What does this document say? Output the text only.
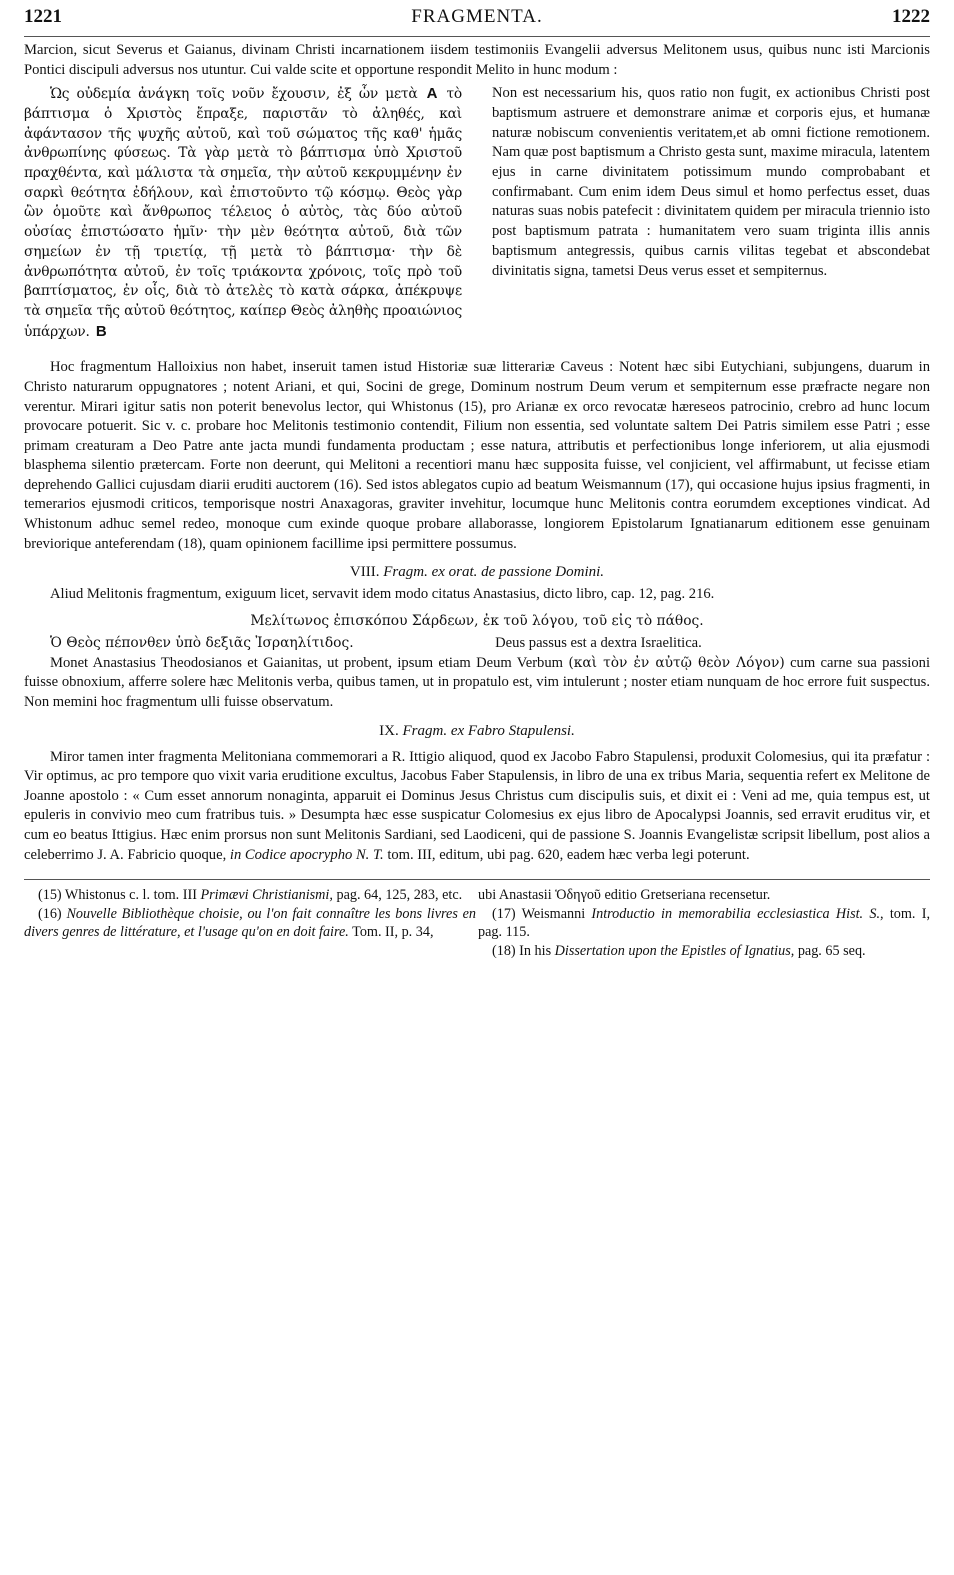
1221	FRAGMENTA.	1222

Marcion, sicut Severus et Gaianus, divinam Christi incarnationem iisdem testimoniis Evangelii adversus Melitonem usus, quibus nunc isti Marcionis Pontici discipuli adversus nos utuntur. Cui valde scite et opportune respondit Melito in hunc modum :

Ὡς οὐδεμία ἀνάγκη τοῖς νοῦν ἔχουσιν, ἐξ ὧν μετὰ A τὸ βάπτισμα ὁ Χριστὸς ἔπραξε, παριστᾶν τὸ ἀληθές, καὶ ἀφάντασον τῆς ψυχῆς αὐτοῦ, καὶ τοῦ σώματος τῆς καθ' ἡμᾶς ἀνθρωπίνης φύσεως. Τὰ γὰρ μετὰ τὸ βάπτισμα ὑπὸ Χριστοῦ πραχθέντα, καὶ μάλιστα τὰ σημεῖα, τὴν αὐτοῦ κεκρυμμένην ἐν σαρκὶ θεότητα ἐδήλουν, καὶ ἐπιστοῦντο τῷ κόσμῳ. Θεὸς γὰρ ὢν ὁμοῦτε καὶ ἄνθρωπος τέλειος ὁ αὐτὸς, τὰς δύο αὐτοῦ οὐσίας ἐπιστώσατο ἡμῖν· τὴν μὲν θεότητα αὐτοῦ, διὰ τῶν σημείων ἐν τῇ τριετίᾳ, τῇ μετὰ τὸ βάπτισμα· τὴν δὲ ἀνθρωπότητα αὐτοῦ, ἐν τοῖς τριάκοντα χρόνοις, τοῖς πρὸ τοῦ βαπτίσματος, ἐν οἷς, διὰ τὸ ἀτελὲς τὸ κατὰ σάρκα, ἀπέκρυψε τὰ σημεῖα τῆς αὐτοῦ θεότητος, καίπερ Θεὸς ἀληθὴς προαιώνιος ὑπάρχων. B
Non est necessarium his, quos ratio non fugit, ex actionibus Christi post baptismum astruere et demonstrare animæ et corporis ejus, et humanæ naturæ nobiscum convenientis veritatem,et ab omni fictione remotionem. Nam quæ post baptismum a Christo gesta sunt, maxime miracula, latentem ejus in carne divinitatem potissimum mundo comprobabant et confirmabant. Cum enim idem Deus simul et homo perfectus esset, duas naturas suas nobis patefecit : divinitatem quidem per miracula triennio isto post baptismum patrata : humanitatem vero suam triginta illis annis baptismum antegressis, quibus carnis vilitas tegebat et abscondebat divinitatis signa, tametsi Deus verus esset et sempiternus.

Hoc fragmentum Halloixius non habet, inseruit tamen istud Historiæ suæ litterariæ Caveus : Notent hæc sibi Eutychiani, subjungens, duarum in Christo naturarum oppugnatores ; notent Ariani, et qui, Socini de grege, Dominum nostrum Deum verum et sempiternum esse præfracte negare non verentur. Mirari igitur satis non poterit benevolus lector, qui Whistonus (15), pro Arianæ ex orco revocatæ hæreseos patrocinio, crebro ad hunc locum provocare potuerit. Sic v. c. probare hoc Melitonis testimonio contendit, Filium non essentia, sed voluntate saltem Dei Patris similem esse Patri ; esse primam creaturam a Deo Patre ante jacta mundi fundamenta productam ; esse natura, attributis et perfectionibus longe inferiorem, ut alia ejusmodi blasphema silentio prætercam. Forte non deerunt, qui Melitoni a recentiori manu hæc supposita fuisse, vel conjicient, vel affirmabunt, ut fecisse etiam deprehendo Gallici cujusdam diarii eruditi auctorem (16). Sed istos ablegatos cupio ad beatum Weismannum (17), qui occasione hujus ipsius fragmenti, in temerarios ejusmodi criticos, temporisque nostri Anaxagoras, graviter invehitur, locumque hunc Melitonis contra eorumdem exceptiones vindicat. Ad Whistonum adhuc semel redeo, monoque cum exinde quoque probare allaborasse, longiorem Epistolarum Ignatianarum editionem esse genuinam breviorique anteferendam (18), quam opinionem facillime ipsi permittere possumus.

VIII. Fragm. ex orat. de passione Domini.

Aliud Melitonis fragmentum, exiguum licet, servavit idem modo citatus Anastasius, dicto libro, cap. 12, pag. 216.

Μελίτωνος ἐπισκόπου Σάρδεων, ἐκ τοῦ λόγου, τοῦ εἰς τὸ πάθος.
Ὁ Θεὸς πέπονθεν ὑπὸ δεξιᾶς Ἰσραηλίτιδος.	Deus passus est a dextra Israelitica.

Monet Anastasius Theodosianos et Gaianitas, ut probent, ipsum etiam Deum Verbum (καὶ τὸν ἐν αὐτῷ θεὸν Λόγον) cum carne sua passioni fuisse obnoxium, afferre solere hæc Melitonis verba, quibus tamen, ut in propatulo est, vim intulerunt ; noster etiam nunquam de hoc errore fuit suspectus. Non memini hoc fragmentum ulli fuisse observatum.

IX. Fragm. ex Fabro Stapulensi.

Miror tamen inter fragmenta Melitoniana commemorari a R. Ittigio aliquod, quod ex Jacobo Fabro Stapulensi, produxit Colomesius, qui ita præfatur : Vir optimus, ac pro tempore quo vixit varia eruditione excultus, Jacobus Faber Stapulensis, in libro de una ex tribus Maria, sequentia refert ex Melitone de Joanne apostolo : « Cum esset annorum nonaginta, apparuit ei Dominus Jesus Christus cum discipulis suis, et dixit ei : Veni ad me, quia tempus est, ut epuleris in convivio meo cum fratribus tuis. » Desumpta hæc esse suspicatur Colomesius ex ejus libro de Apocalypsi Joannis, sed erravit eruditus vir, et cum eo beatus Ittigius. Hæc enim prorsus non sunt Melitonis Sardiani, sed Laodiceni, qui de passione S. Joannis Evangelistæ scripsit libellum, post alios a celeberrimo J. A. Fabricio quoque, in Codice apocrypho N. T. tom. III, editum, ubi pag. 620, eadem hæc verba legi poterunt.

(15) Whistonus c. l. tom. III Primævi Christianismi, pag. 64, 125, 283, etc.

(16) Nouvelle Bibliothèque choisie, ou l'on fait connaître les bons livres en divers genres de littérature, et l'usage qu'on en doit faire. Tom. II, p. 34,

ubi Anastasii Ὁδηγοῦ editio Gretseriana recensetur.

(17) Weismanni Introductio in memorabilia ecclesiastica Hist. S., tom. I, pag. 115.

(18) In his Dissertation upon the Epistles of Ignatius, pag. 65 seq.
